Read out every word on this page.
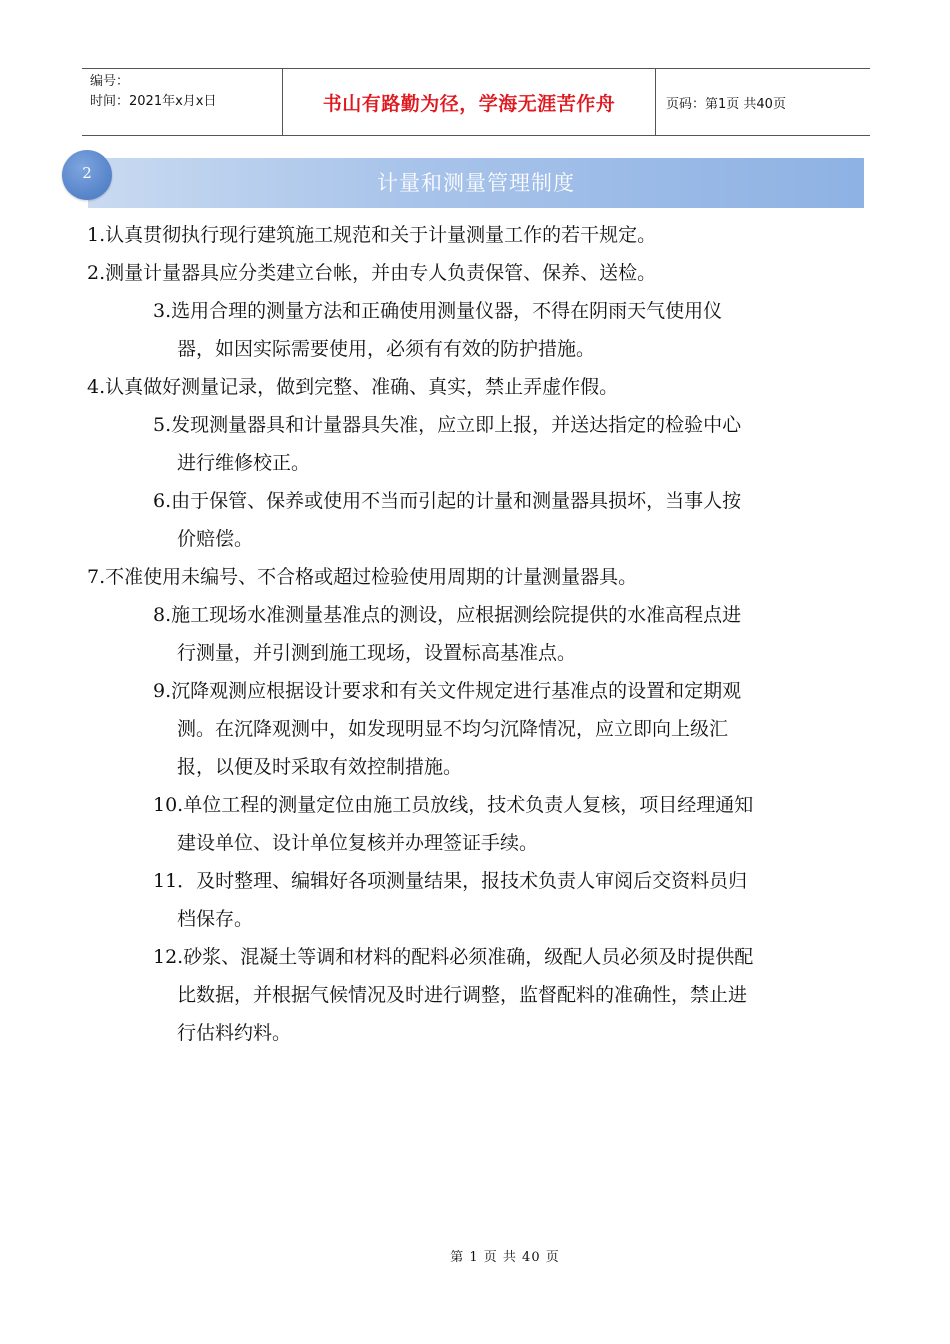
编号：
时间：2021年x月x日	书山有路勤为径，学海无涯苦作舟	页码：第1页 共40页
计量和测量管理制度
2
1.认真贯彻执行现行建筑施工规范和关于计量测量工作的若干规定。
2.测量计量器具应分类建立台帐，并由专人负责保管、保养、送检。
3.选用合理的测量方法和正确使用测量仪器，不得在阴雨天气使用仪
器，如因实际需要使用，必须有有效的防护措施。
4.认真做好测量记录，做到完整、准确、真实，禁止弄虚作假。
5.发现测量器具和计量器具失准，应立即上报，并送达指定的检验中心
进行维修校正。
6.由于保管、保养或使用不当而引起的计量和测量器具损坏，当事人按
价赔偿。
7.不准使用未编号、不合格或超过检验使用周期的计量测量器具。
8.施工现场水准测量基准点的测设，应根据测绘院提供的水准高程点进
行测量，并引测到施工现场，设置标高基准点。
9.沉降观测应根据设计要求和有关文件规定进行基准点的设置和定期观
测。在沉降观测中，如发现明显不均匀沉降情况，应立即向上级汇
报，以便及时采取有效控制措施。
10.单位工程的测量定位由施工员放线，技术负责人复核，项目经理通知
建设单位、设计单位复核并办理签证手续。
11．及时整理、编辑好各项测量结果，报技术负责人审阅后交资料员归
档保存。
12.砂浆、混凝土等调和材料的配料必须准确，级配人员必须及时提供配
比数据，并根据气候情况及时进行调整，监督配料的准确性，禁止进
行估料约料。
第 1 页 共 40 页
